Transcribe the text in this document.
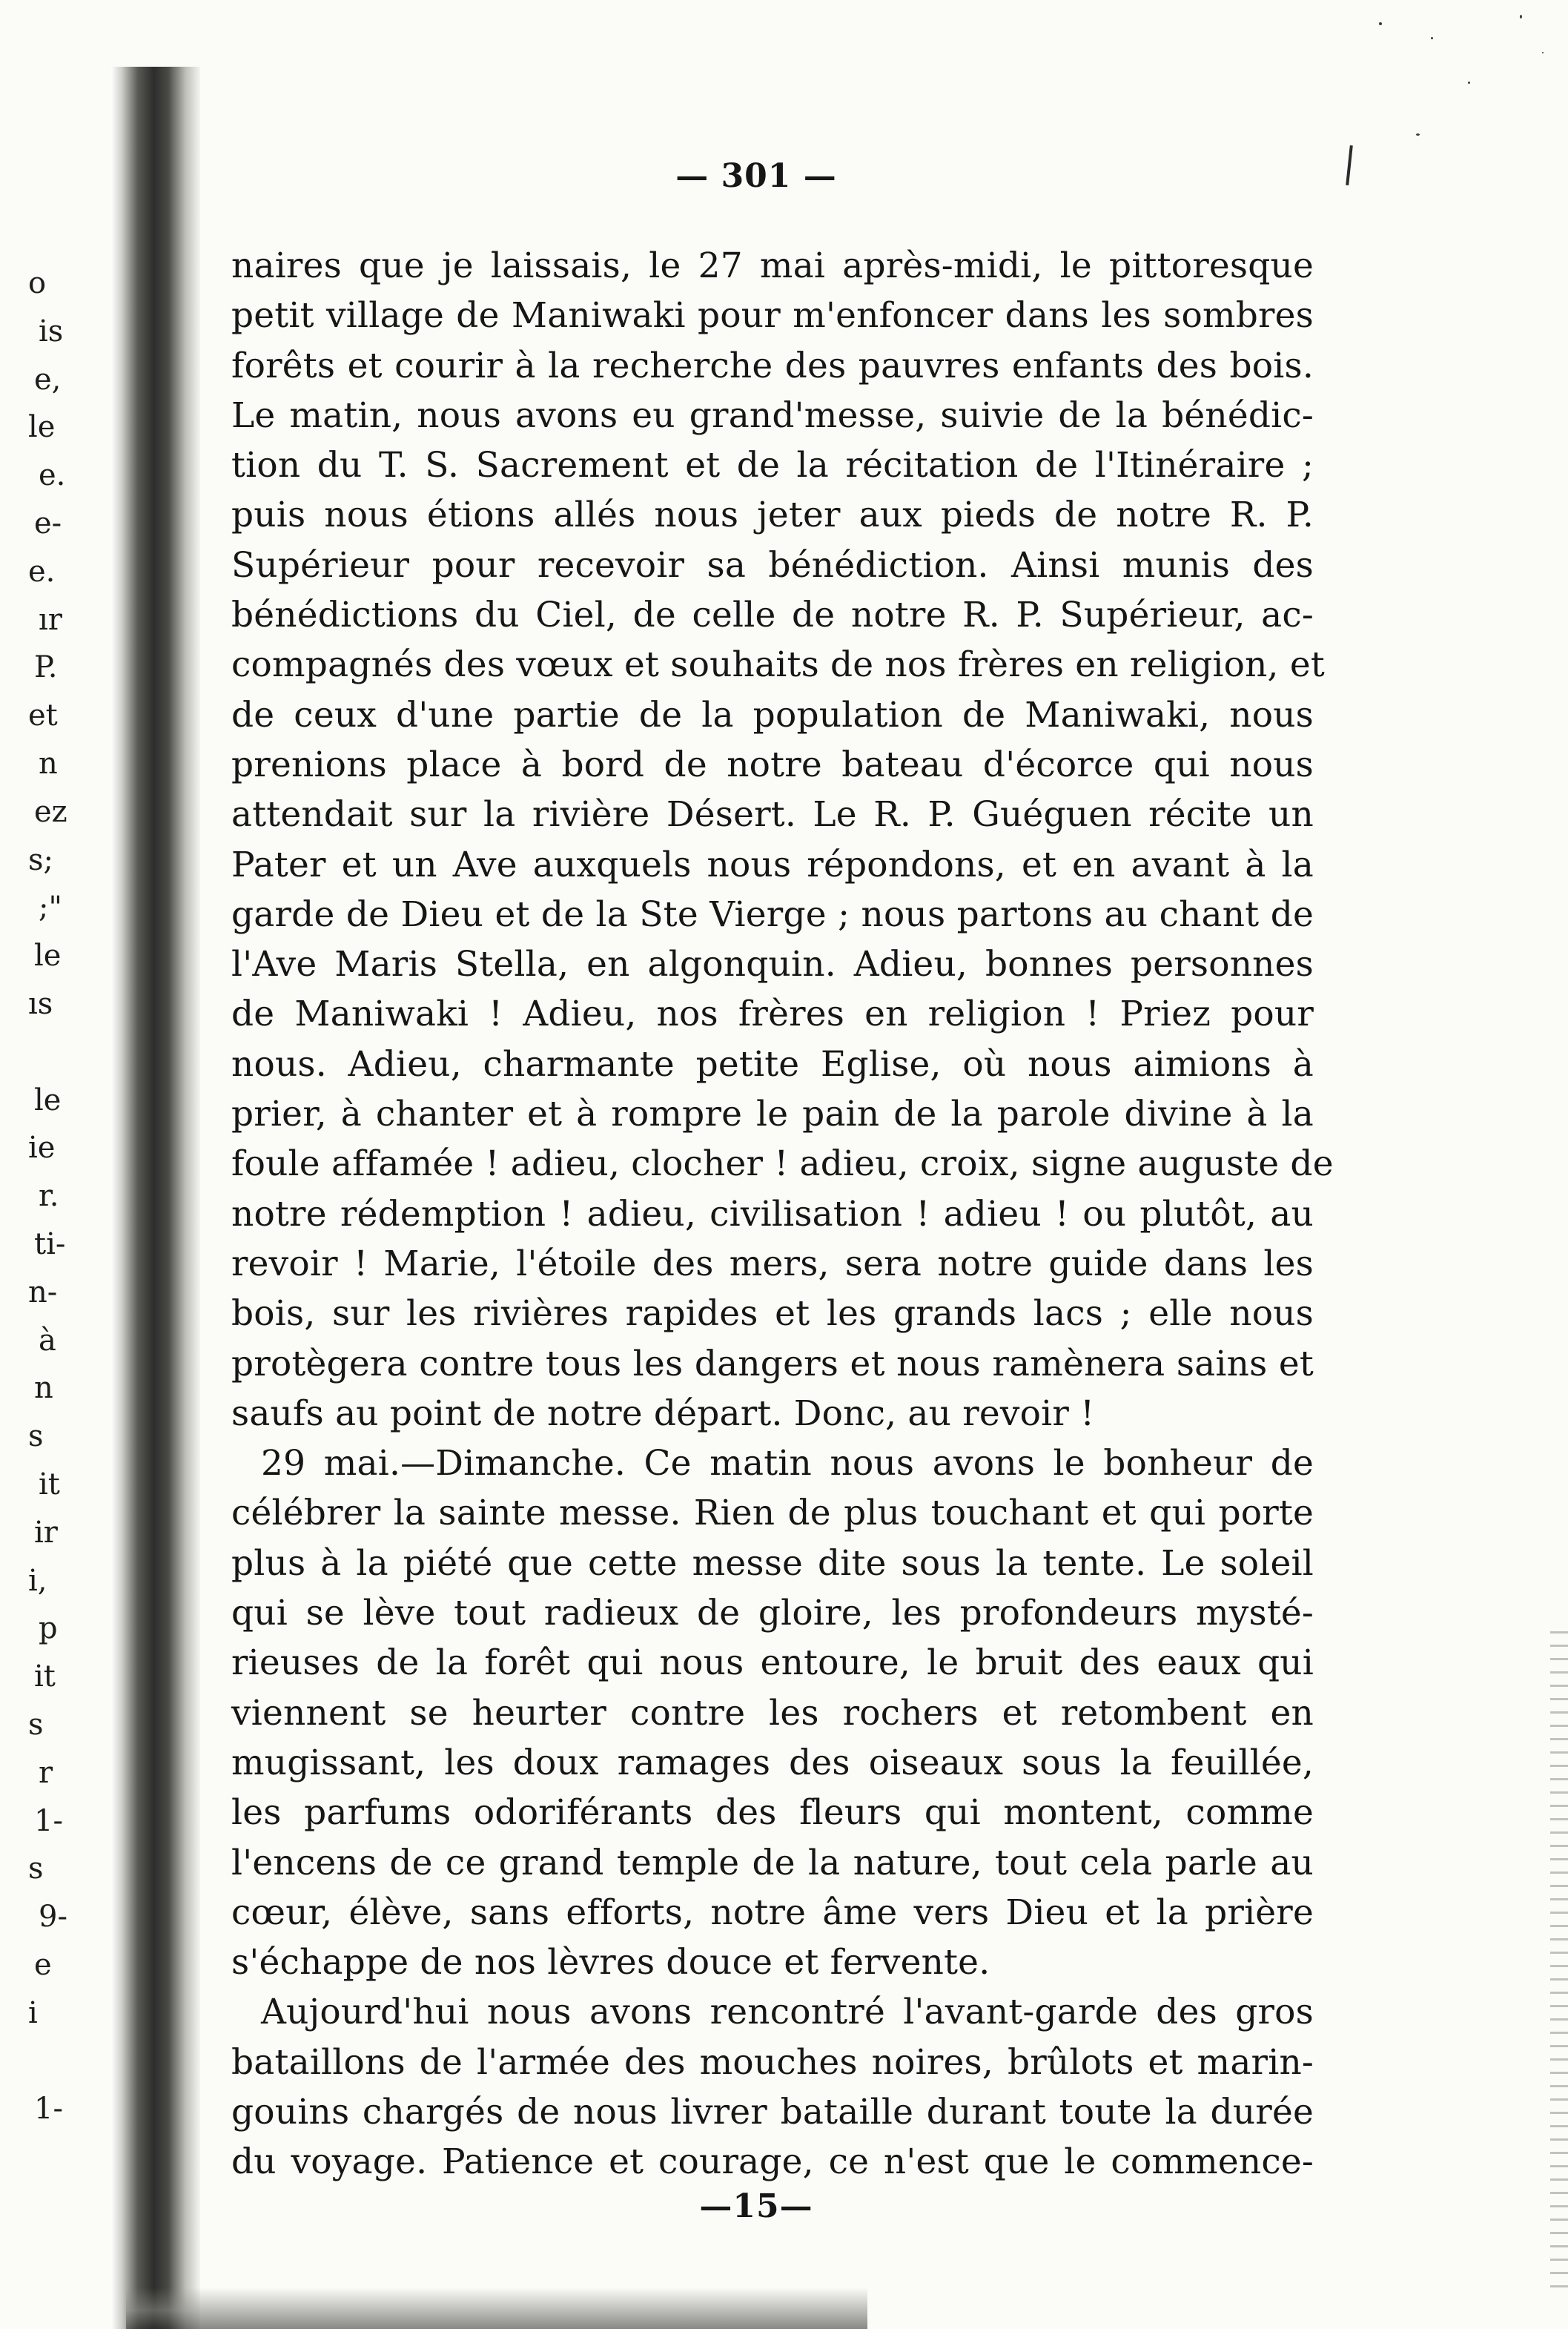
o
is
e,
le
e.
e-
e.
ır
P.
et
n
ez
s;
;"
le
ıs
le
ie
r.
ti-
n-
à
n
s
it
ir
i,
p
it
s
r
1-
s
9-
e
i
1-
— 301 —
naires que je laissais, le 27 mai après-midi, le pittoresque
petit village de Maniwaki pour m'enfoncer dans les sombres
forêts et courir à la recherche des pauvres enfants des bois.
Le matin, nous avons eu grand'messe, suivie de la bénédic-
tion du T. S. Sacrement et de la récitation de l'Itinéraire ;
puis nous étions allés nous jeter aux pieds de notre R. P.
Supérieur pour recevoir sa bénédiction. Ainsi munis des
bénédictions du Ciel, de celle de notre R. P. Supérieur, ac-
compagnés des vœux et souhaits de nos frères en religion, et
de ceux d'une partie de la population de Maniwaki, nous
prenions place à bord de notre bateau d'écorce qui nous
attendait sur la rivière Désert. Le R. P. Guéguen récite un
Pater et un Ave auxquels nous répondons, et en avant à la
garde de Dieu et de la Ste Vierge ; nous partons au chant de
l'Ave Maris Stella, en algonquin. Adieu, bonnes personnes
de Maniwaki ! Adieu, nos frères en religion ! Priez pour
nous. Adieu, charmante petite Eglise, où nous aimions à
prier, à chanter et à rompre le pain de la parole divine à la
foule affamée ! adieu, clocher ! adieu, croix, signe auguste de
notre rédemption ! adieu, civilisation ! adieu ! ou plutôt, au
revoir ! Marie, l'étoile des mers, sera notre guide dans les
bois, sur les rivières rapides et les grands lacs ; elle nous
protègera contre tous les dangers et nous ramènera sains et
saufs au point de notre départ. Donc, au revoir !
29 mai.—Dimanche. Ce matin nous avons le bonheur de
célébrer la sainte messe. Rien de plus touchant et qui porte
plus à la piété que cette messe dite sous la tente. Le soleil
qui se lève tout radieux de gloire, les profondeurs mysté-
rieuses de la forêt qui nous entoure, le bruit des eaux qui
viennent se heurter contre les rochers et retombent en
mugissant, les doux ramages des oiseaux sous la feuillée,
les parfums odoriférants des fleurs qui montent, comme
l'encens de ce grand temple de la nature, tout cela parle au
cœur, élève, sans efforts, notre âme vers Dieu et la prière
s'échappe de nos lèvres douce et fervente.
Aujourd'hui nous avons rencontré l'avant-garde des gros
bataillons de l'armée des mouches noires, brûlots et marin-
gouins chargés de nous livrer bataille durant toute la durée
du voyage. Patience et courage, ce n'est que le commence-
—15—
